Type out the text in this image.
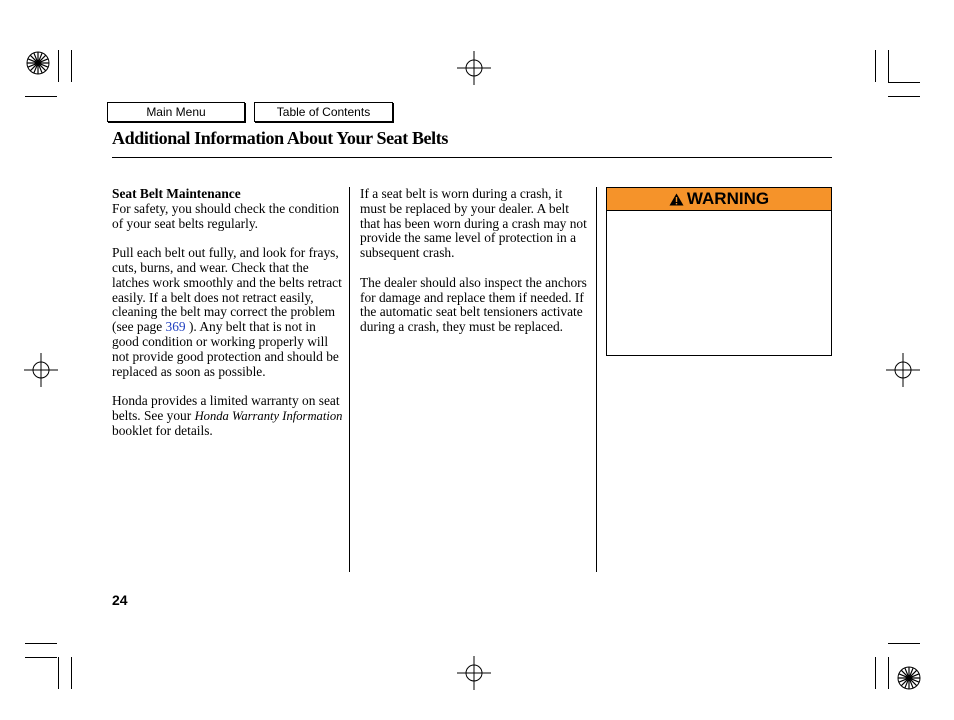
Main Menu	Table of Contents
Additional Information About Your Seat Belts
Seat Belt Maintenance

For safety, you should check the condition of your seat belts regularly.

Pull each belt out fully, and look for frays, cuts, burns, and wear. Check that the latches work smoothly and the belts retract easily. If a belt does not retract easily, cleaning the belt may correct the problem (see page 369 ). Any belt that is not in good condition or working properly will not provide good protection and should be replaced as soon as possible.

Honda provides a limited warranty on seat belts. See your Honda Warranty Information booklet for details.

If a seat belt is worn during a crash, it must be replaced by your dealer. A belt that has been worn during a crash may not provide the same level of protection in a subsequent crash.

The dealer should also inspect the anchors for damage and replace them if needed. If the automatic seat belt tensioners activate during a crash, they must be replaced.

WARNING
24
